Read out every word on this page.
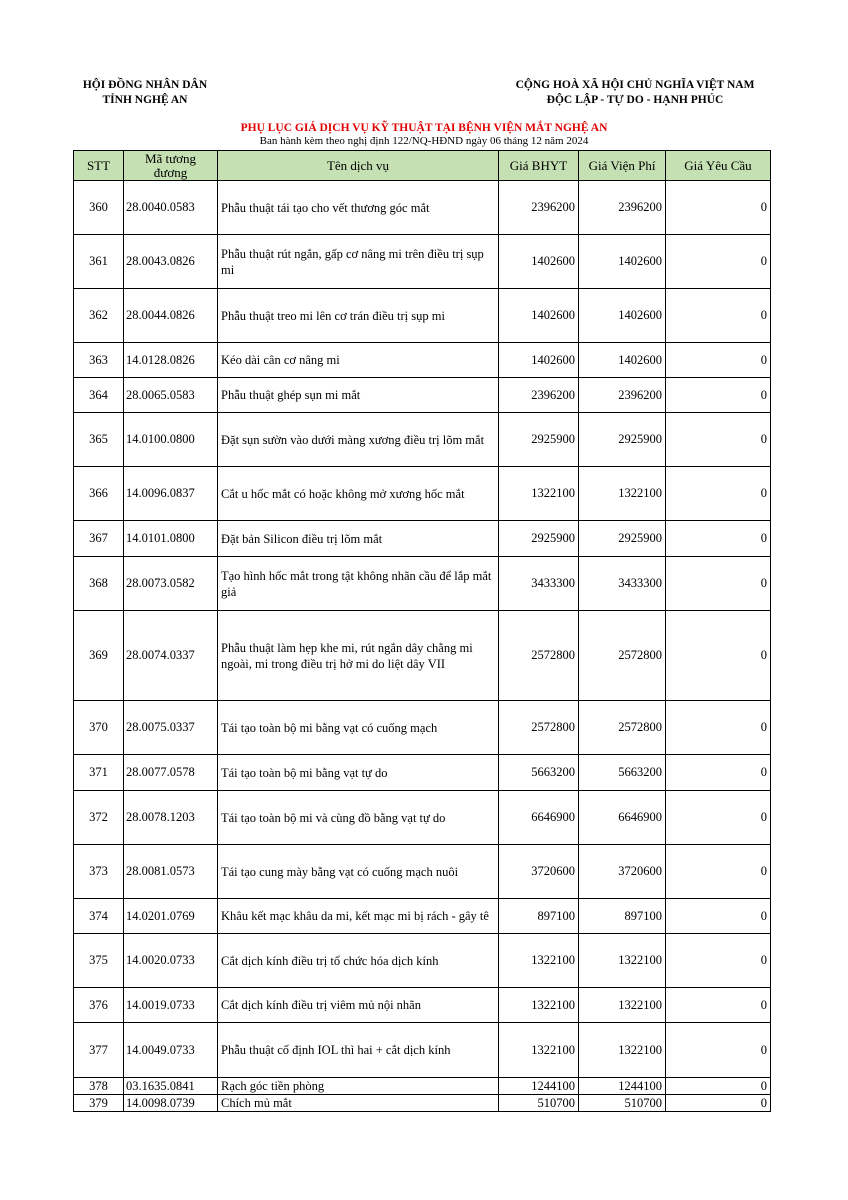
HỘI ĐỒNG NHÂN DÂN
TỈNH NGHỆ AN
CỘNG HOÀ XÃ HỘI CHỦ NGHĨA VIỆT NAM
ĐỘC LẬP - TỰ DO - HẠNH PHÚC
PHỤ LỤC GIÁ DỊCH VỤ KỸ THUẬT TẠI BỆNH VIỆN MẮT NGHỆ AN
Ban hành kèm theo nghị định 122/NQ-HĐND ngày 06 tháng 12 năm 2024
STT	Mã tương đương	Tên dịch vụ	Giá BHYT	Giá Viện Phí	Giá Yêu Cầu
360	28.0040.0583	Phẫu thuật tái tạo cho vết thương góc mắt	2396200	2396200	0
361	28.0043.0826	Phẫu thuật rút ngắn, gấp cơ nâng mi trên điều trị sụp mi	1402600	1402600	0
362	28.0044.0826	Phẫu thuật treo mi lên cơ trán điều trị sụp mi	1402600	1402600	0
363	14.0128.0826	Kéo dài cân cơ nâng mi	1402600	1402600	0
364	28.0065.0583	Phẫu thuật ghép sụn mi mắt	2396200	2396200	0
365	14.0100.0800	Đặt sụn sườn vào dưới màng xương điều trị lõm mắt	2925900	2925900	0
366	14.0096.0837	Cắt u hốc mắt có hoặc không mở xương hốc mắt	1322100	1322100	0
367	14.0101.0800	Đặt bản Silicon điều trị lõm mắt	2925900	2925900	0
368	28.0073.0582	Tạo hình hốc mắt trong tật không nhãn cầu để lắp mắt giả	3433300	3433300	0
369	28.0074.0337	Phẫu thuật làm hẹp khe mi, rút ngắn dây chằng mi ngoài, mi trong điều trị hở mi do liệt dây VII	2572800	2572800	0
370	28.0075.0337	Tái tạo toàn bộ mi bằng vạt có cuống mạch	2572800	2572800	0
371	28.0077.0578	Tái tạo toàn bộ mi bằng vạt tự do	5663200	5663200	0
372	28.0078.1203	Tái tạo toàn bộ mi và cùng đồ bằng vạt tự do	6646900	6646900	0
373	28.0081.0573	Tái tạo cung mày bằng vạt có cuống mạch nuôi	3720600	3720600	0
374	14.0201.0769	Khâu kết mạc khâu da mi, kết mạc mi bị rách - gây tê	897100	897100	0
375	14.0020.0733	Cắt dịch kính điều trị tổ chức hóa dịch kính	1322100	1322100	0
376	14.0019.0733	Cắt dịch kính điều trị viêm mủ nội nhãn	1322100	1322100	0
377	14.0049.0733	Phẫu thuật cố định IOL thì hai + cắt dịch kính	1322100	1322100	0
378	03.1635.0841	Rạch góc tiền phòng	1244100	1244100	0
379	14.0098.0739	Chích mủ mắt	510700	510700	0
